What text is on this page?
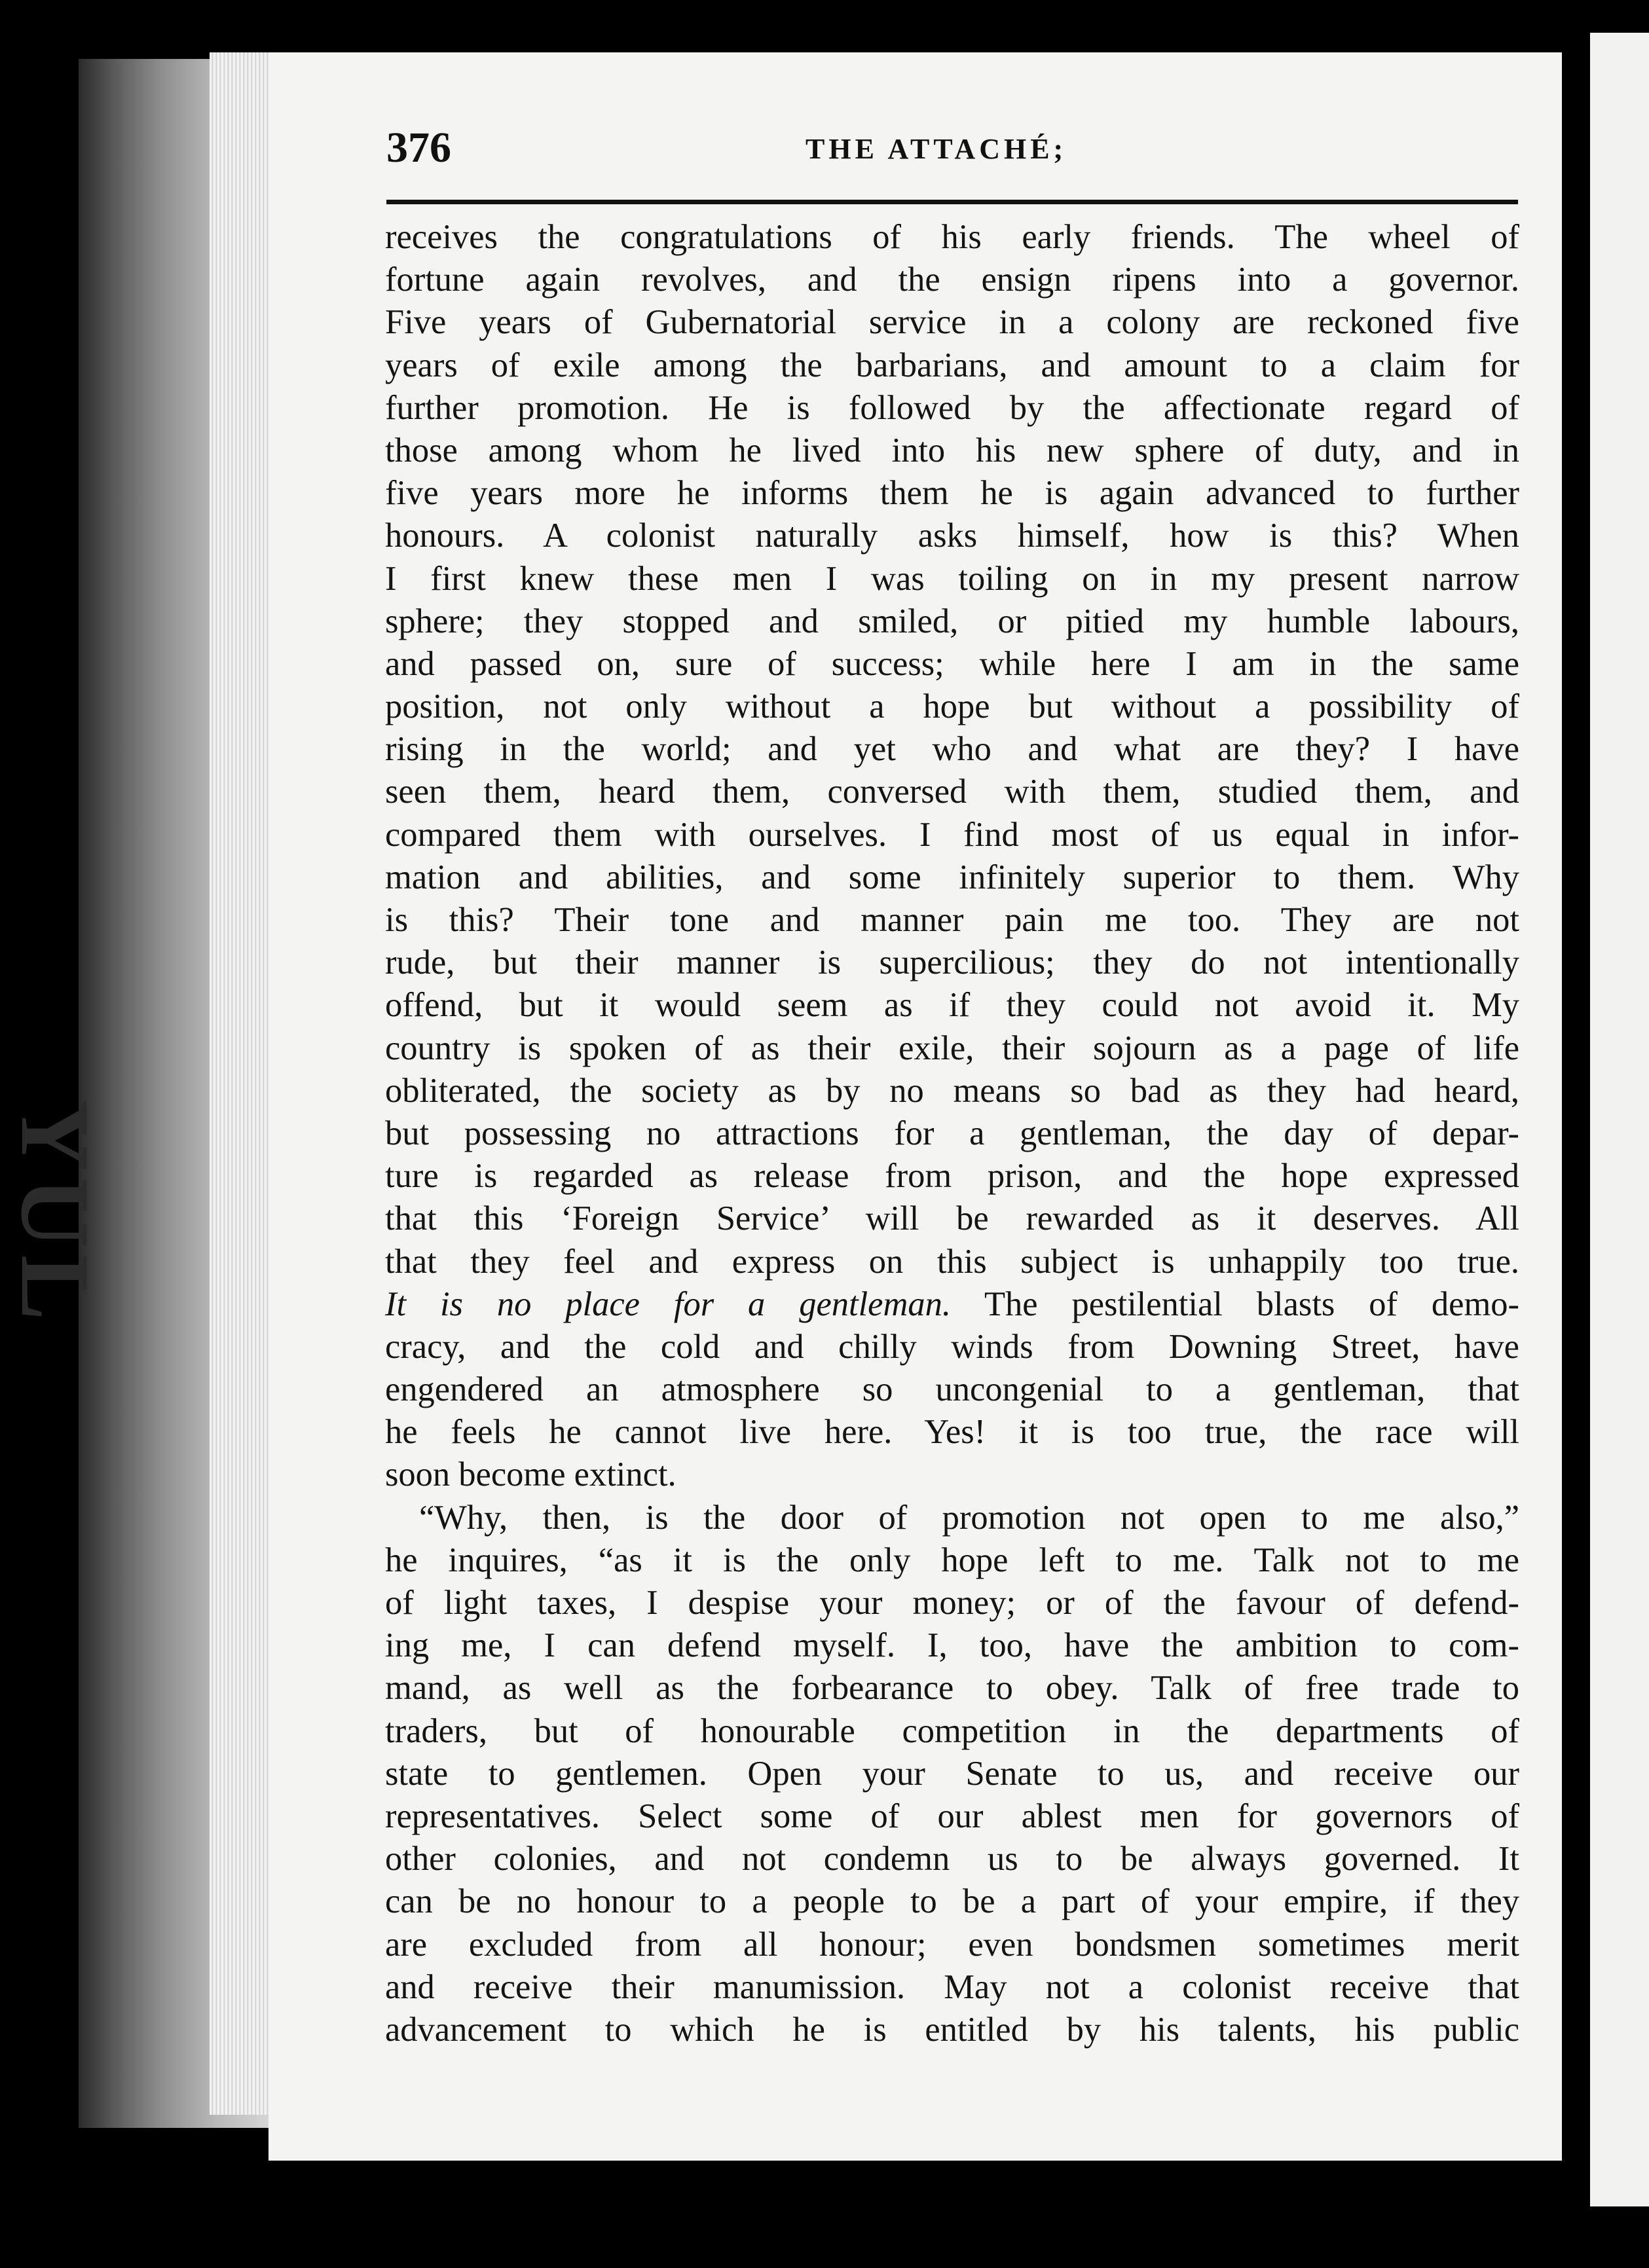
YUL
376	THE ATTACHÉ;
receives the congratulations of his early friends. The wheel of
fortune again revolves, and the ensign ripens into a governor.
Five years of Gubernatorial service in a colony are reckoned five
years of exile among the barbarians, and amount to a claim for
further promotion. He is followed by the affectionate regard of
those among whom he lived into his new sphere of duty, and in
five years more he informs them he is again advanced to further
honours. A colonist naturally asks himself, how is this? When
I first knew these men I was toiling on in my present narrow
sphere; they stopped and smiled, or pitied my humble labours,
and passed on, sure of success; while here I am in the same
position, not only without a hope but without a possibility of
rising in the world; and yet who and what are they? I have
seen them, heard them, conversed with them, studied them, and
compared them with ourselves. I find most of us equal in infor-
mation and abilities, and some infinitely superior to them. Why
is this? Their tone and manner pain me too. They are not
rude, but their manner is supercilious; they do not intentionally
offend, but it would seem as if they could not avoid it. My
country is spoken of as their exile, their sojourn as a page of life
obliterated, the society as by no means so bad as they had heard,
but possessing no attractions for a gentleman, the day of depar-
ture is regarded as release from prison, and the hope expressed
that this ‘Foreign Service’ will be rewarded as it deserves. All
that they feel and express on this subject is unhappily too true.
It is no place for a gentleman. The pestilential blasts of demo-
cracy, and the cold and chilly winds from Downing Street, have
engendered an atmosphere so uncongenial to a gentleman, that
he feels he cannot live here. Yes! it is too true, the race will
soon become extinct.
“Why, then, is the door of promotion not open to me also,”
he inquires, “as it is the only hope left to me. Talk not to me
of light taxes, I despise your money; or of the favour of defend-
ing me, I can defend myself. I, too, have the ambition to com-
mand, as well as the forbearance to obey. Talk of free trade to
traders, but of honourable competition in the departments of
state to gentlemen. Open your Senate to us, and receive our
representatives. Select some of our ablest men for governors of
other colonies, and not condemn us to be always governed. It
can be no honour to a people to be a part of your empire, if they
are excluded from all honour; even bondsmen sometimes merit
and receive their manumission. May not a colonist receive that
advancement to which he is entitled by his talents, his public
